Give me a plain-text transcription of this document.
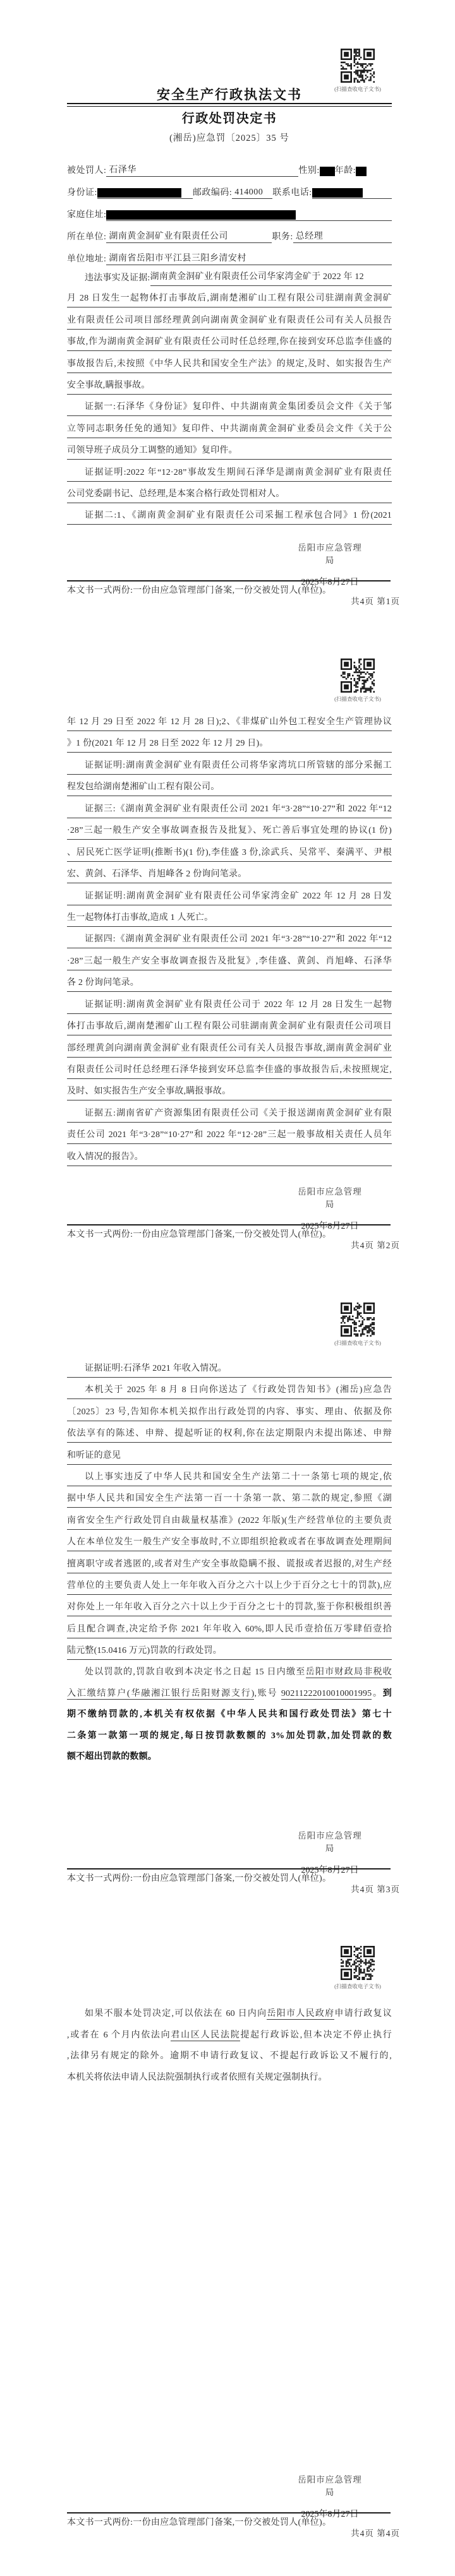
(扫描查收电子文书)
安全生产行政执法文书
行政处罚决定书
(湘岳)应急罚〔2025〕35 号
被处罚人: 石泽华	性别: 年龄:
身份证:	邮政编码: 414000	联系电话:
家庭住址:
所在单位: 湖南黄金洞矿业有限责任公司	职务: 总经理
单位地址: 湖南省岳阳市平江县三阳乡清安村
违法事实及证据: 湖南黄金洞矿业有限责任公司华家湾金矿于 2022 年 12
月 28 日发生一起物体打击事故后,湖南楚湘矿山工程有限公司驻湖南黄金洞矿
业有限责任公司项目部经理黄剑向湖南黄金洞矿业有限责任公司有关人员报告
事故,作为湖南黄金洞矿业有限责任公司时任总经理,你在接到安环总监李佳盛的
事故报告后,未按照《中华人民共和国安全生产法》的规定,及时、如实报告生产
安全事故,瞒报事故。
证据一:石泽华《身份证》复印件、中共湖南黄金集团委员会文件《关于邹
立等同志职务任免的通知》复印件、中共湖南黄金洞矿业委员会文件《关于公
司领导班子成员分工调整的通知》复印件。
证据证明:2022 年“12·28”事故发生期间石泽华是湖南黄金洞矿业有限责任
公司党委副书记、总经理,是本案合格行政处罚相对人。
证据二:1、《湖南黄金洞矿业有限责任公司采掘工程承包合同》1 份(2021
岳阳市应急管理局
2025年8月27日
本文书一式两份:一份由应急管理部门备案,一份交被处罚人(单位)。
共4页 第1页
(扫描查收电子文书)
年 12 月 29 日至 2022 年 12 月 28 日);2、《非煤矿山外包工程安全生产管理协议
》1 份(2021 年 12 月 28 日至 2022 年 12 月 29 日)。
证据证明:湖南黄金洞矿业有限责任公司将华家湾坑口所管辖的部分采掘工
程发包给湖南楚湘矿山工程有限公司。
证据三:《湖南黄金洞矿业有限责任公司 2021 年“3·28”“10·27”和 2022 年“12
·28”三起一般生产安全事故调查报告及批复》、死亡善后事宜处理的协议(1 份)
、居民死亡医学证明(推断书)(1 份),李佳盛 3 份,涂武兵、吴常平、秦满平、尹根
宏、黄剑、石泽华、肖旭峰各 2 份询问笔录。
证据证明:湖南黄金洞矿业有限责任公司华家湾金矿 2022 年 12 月 28 日发
生一起物体打击事故,造成 1 人死亡。
证据四:《湖南黄金洞矿业有限责任公司 2021 年“3·28”“10·27”和 2022 年“12
·28”三起一般生产安全事故调查报告及批复》,李佳盛、黄剑、肖旭峰、石泽华
各 2 份询问笔录。
证据证明:湖南黄金洞矿业有限责任公司于 2022 年 12 月 28 日发生一起物
体打击事故后,湖南楚湘矿山工程有限公司驻湖南黄金洞矿业有限责任公司项目
部经理黄剑向湖南黄金洞矿业有限责任公司有关人员报告事故,湖南黄金洞矿业
有限责任公司时任总经理石泽华接到安环总监李佳盛的事故报告后,未按照规定,
及时、如实报告生产安全事故,瞒报事故。
证据五:湖南省矿产资源集团有限责任公司《关于报送湖南黄金洞矿业有限
责任公司 2021 年“3·28”“10·27”和 2022 年“12·28”三起一般事故相关责任人员年
收入情况的报告》。
岳阳市应急管理局
2025年8月27日
本文书一式两份:一份由应急管理部门备案,一份交被处罚人(单位)。
共4页 第2页
(扫描查收电子文书)
证据证明:石泽华 2021 年收入情况。
本机关于 2025 年 8 月 8 日向你送达了《行政处罚告知书》(湘岳)应急告
〔2025〕23 号,告知你本机关拟作出行政处罚的内容、事实、理由、依据及你
依法享有的陈述、申辩、提起听证的权利,你在法定期限内未提出陈述、申辩
和听证的意见
以上事实违反了中华人民共和国安全生产法第二十一条第七项的规定,依
据中华人民共和国安全生产法第一百一十条第一款、第二款的规定,参照《湖
南省安全生产行政处罚自由裁量权基准》(2022 年版)(生产经营单位的主要负责
人在本单位发生一般生产安全事故时,不立即组织抢救或者在事故调查处理期间
擅离职守或者逃匿的,或者对生产安全事故隐瞒不报、谎报或者迟报的,对生产经
营单位的主要负责人处上一年年收入百分之六十以上少于百分之七十的罚款),应
对你处上一年年收入百分之六十以上少于百分之七十的罚款,鉴于你积极组织善
后且配合调查,决定给予你 2021 年年收入 60%,即人民币壹拾伍万零肆佰壹拾
陆元整(15.0416 万元)罚款的行政处罚。
处以罚款的,罚款自收到本决定书之日起 15 日内缴至岳阳市财政局非税收
入汇缴结算户(华融湘江银行岳阳财源支行),账号 90211222010010001995。到
期不缴纳罚款的,本机关有权依据《中华人民共和国行政处罚法》第七十
二条第一款第一项的规定,每日按罚款数额的 3%加处罚款,加处罚款的数
额不超出罚款的数额。
岳阳市应急管理局
2025年8月27日
本文书一式两份:一份由应急管理部门备案,一份交被处罚人(单位)。
共4页 第3页
(扫描查收电子文书)
如果不服本处罚决定,可以依法在 60 日内向岳阳市人民政府申请行政复议
,或者在 6 个月内依法向君山区人民法院提起行政诉讼,但本决定不停止执行
,法律另有规定的除外。逾期不申请行政复议、不提起行政诉讼又不履行的,
本机关将依法申请人民法院强制执行或者依照有关规定强制执行。
岳阳市应急管理局
2025年8月27日
本文书一式两份:一份由应急管理部门备案,一份交被处罚人(单位)。
共4页 第4页
